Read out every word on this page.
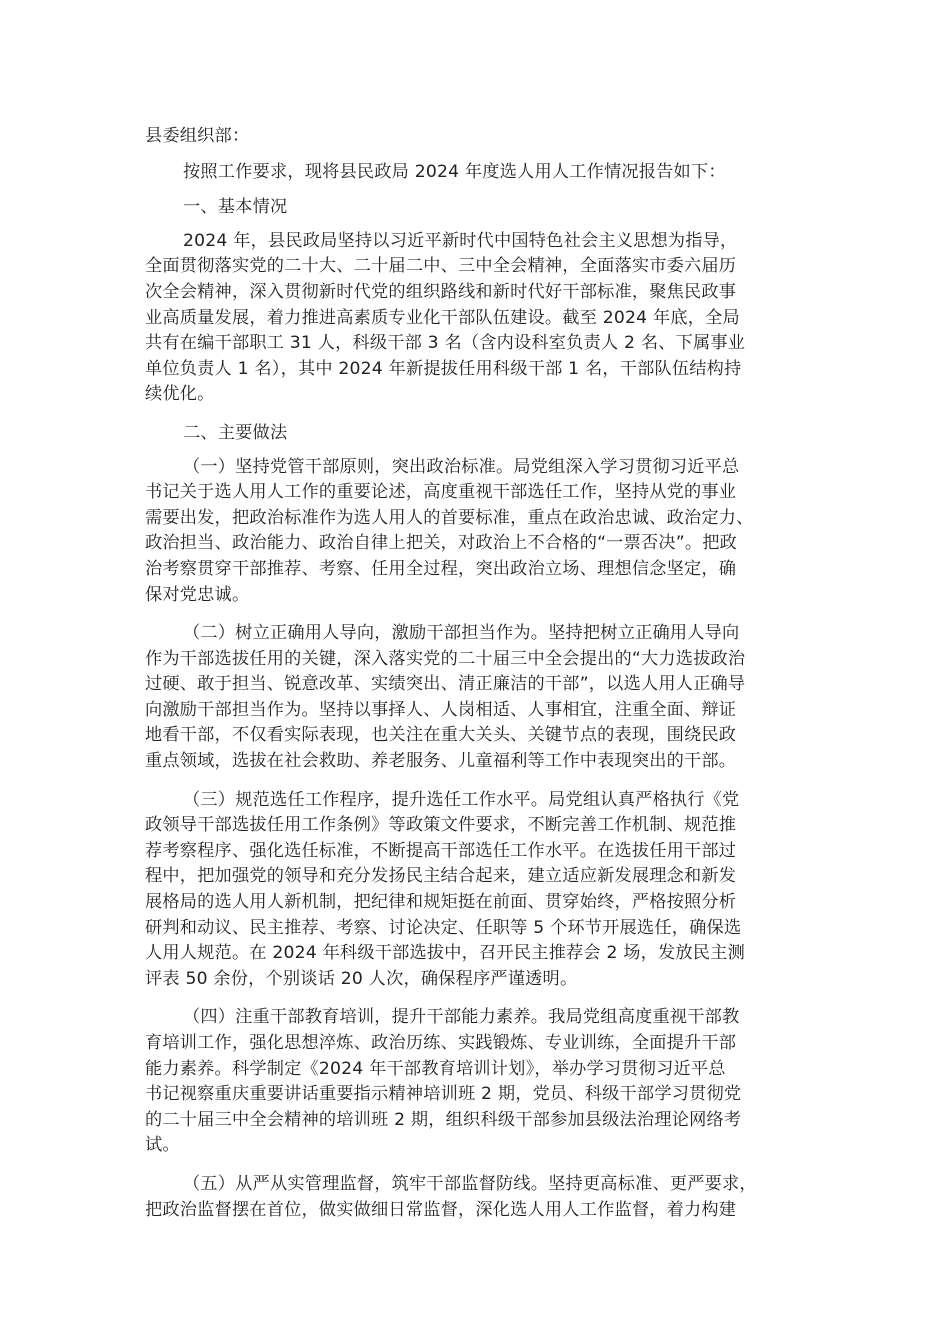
县委组织部：
按照工作要求，现将县民政局 2024 年度选人用人工作情况报告如下：
一、基本情况
2024 年，县民政局坚持以习近平新时代中国特色社会主义思想为指导，
全面贯彻落实党的二十大、二十届二中、三中全会精神，全面落实市委六届历
次全会精神，深入贯彻新时代党的组织路线和新时代好干部标准，聚焦民政事
业高质量发展，着力推进高素质专业化干部队伍建设。截至 2024 年底，全局
共有在编干部职工 31 人，科级干部 3 名（含内设科室负责人 2 名、下属事业
单位负责人 1 名），其中 2024 年新提拔任用科级干部 1 名，干部队伍结构持
续优化。
二、主要做法
（一）坚持党管干部原则，突出政治标准。局党组深入学习贯彻习近平总
书记关于选人用人工作的重要论述，高度重视干部选任工作，坚持从党的事业
需要出发，把政治标准作为选人用人的首要标准，重点在政治忠诚、政治定力、
政治担当、政治能力、政治自律上把关，对政治上不合格的“一票否决”。把政
治考察贯穿干部推荐、考察、任用全过程，突出政治立场、理想信念坚定，确
保对党忠诚。
（二）树立正确用人导向，激励干部担当作为。坚持把树立正确用人导向
作为干部选拔任用的关键，深入落实党的二十届三中全会提出的“大力选拔政治
过硬、敢于担当、锐意改革、实绩突出、清正廉洁的干部”，以选人用人正确导
向激励干部担当作为。坚持以事择人、人岗相适、人事相宜，注重全面、辩证
地看干部，不仅看实际表现，也关注在重大关头、关键节点的表现，围绕民政
重点领域，选拔在社会救助、养老服务、儿童福利等工作中表现突出的干部。
（三）规范选任工作程序，提升选任工作水平。局党组认真严格执行《党
政领导干部选拔任用工作条例》等政策文件要求，不断完善工作机制、规范推
荐考察程序、强化选任标准，不断提高干部选任工作水平。在选拔任用干部过
程中，把加强党的领导和充分发扬民主结合起来，建立适应新发展理念和新发
展格局的选人用人新机制，把纪律和规矩挺在前面、贯穿始终，严格按照分析
研判和动议、民主推荐、考察、讨论决定、任职等 5 个环节开展选任，确保选
人用人规范。在 2024 年科级干部选拔中，召开民主推荐会 2 场，发放民主测
评表 50 余份，个别谈话 20 人次，确保程序严谨透明。
（四）注重干部教育培训，提升干部能力素养。我局党组高度重视干部教
育培训工作，强化思想淬炼、政治历练、实践锻炼、专业训练，全面提升干部
能力素养。科学制定《2024 年干部教育培训计划》，举办学习贯彻习近平总
书记视察重庆重要讲话重要指示精神培训班 2 期，党员、科级干部学习贯彻党
的二十届三中全会精神的培训班 2 期，组织科级干部参加县级法治理论网络考
试。
（五）从严从实管理监督，筑牢干部监督防线。坚持更高标准、更严要求，
把政治监督摆在首位，做实做细日常监督，深化选人用人工作监督，着力构建
